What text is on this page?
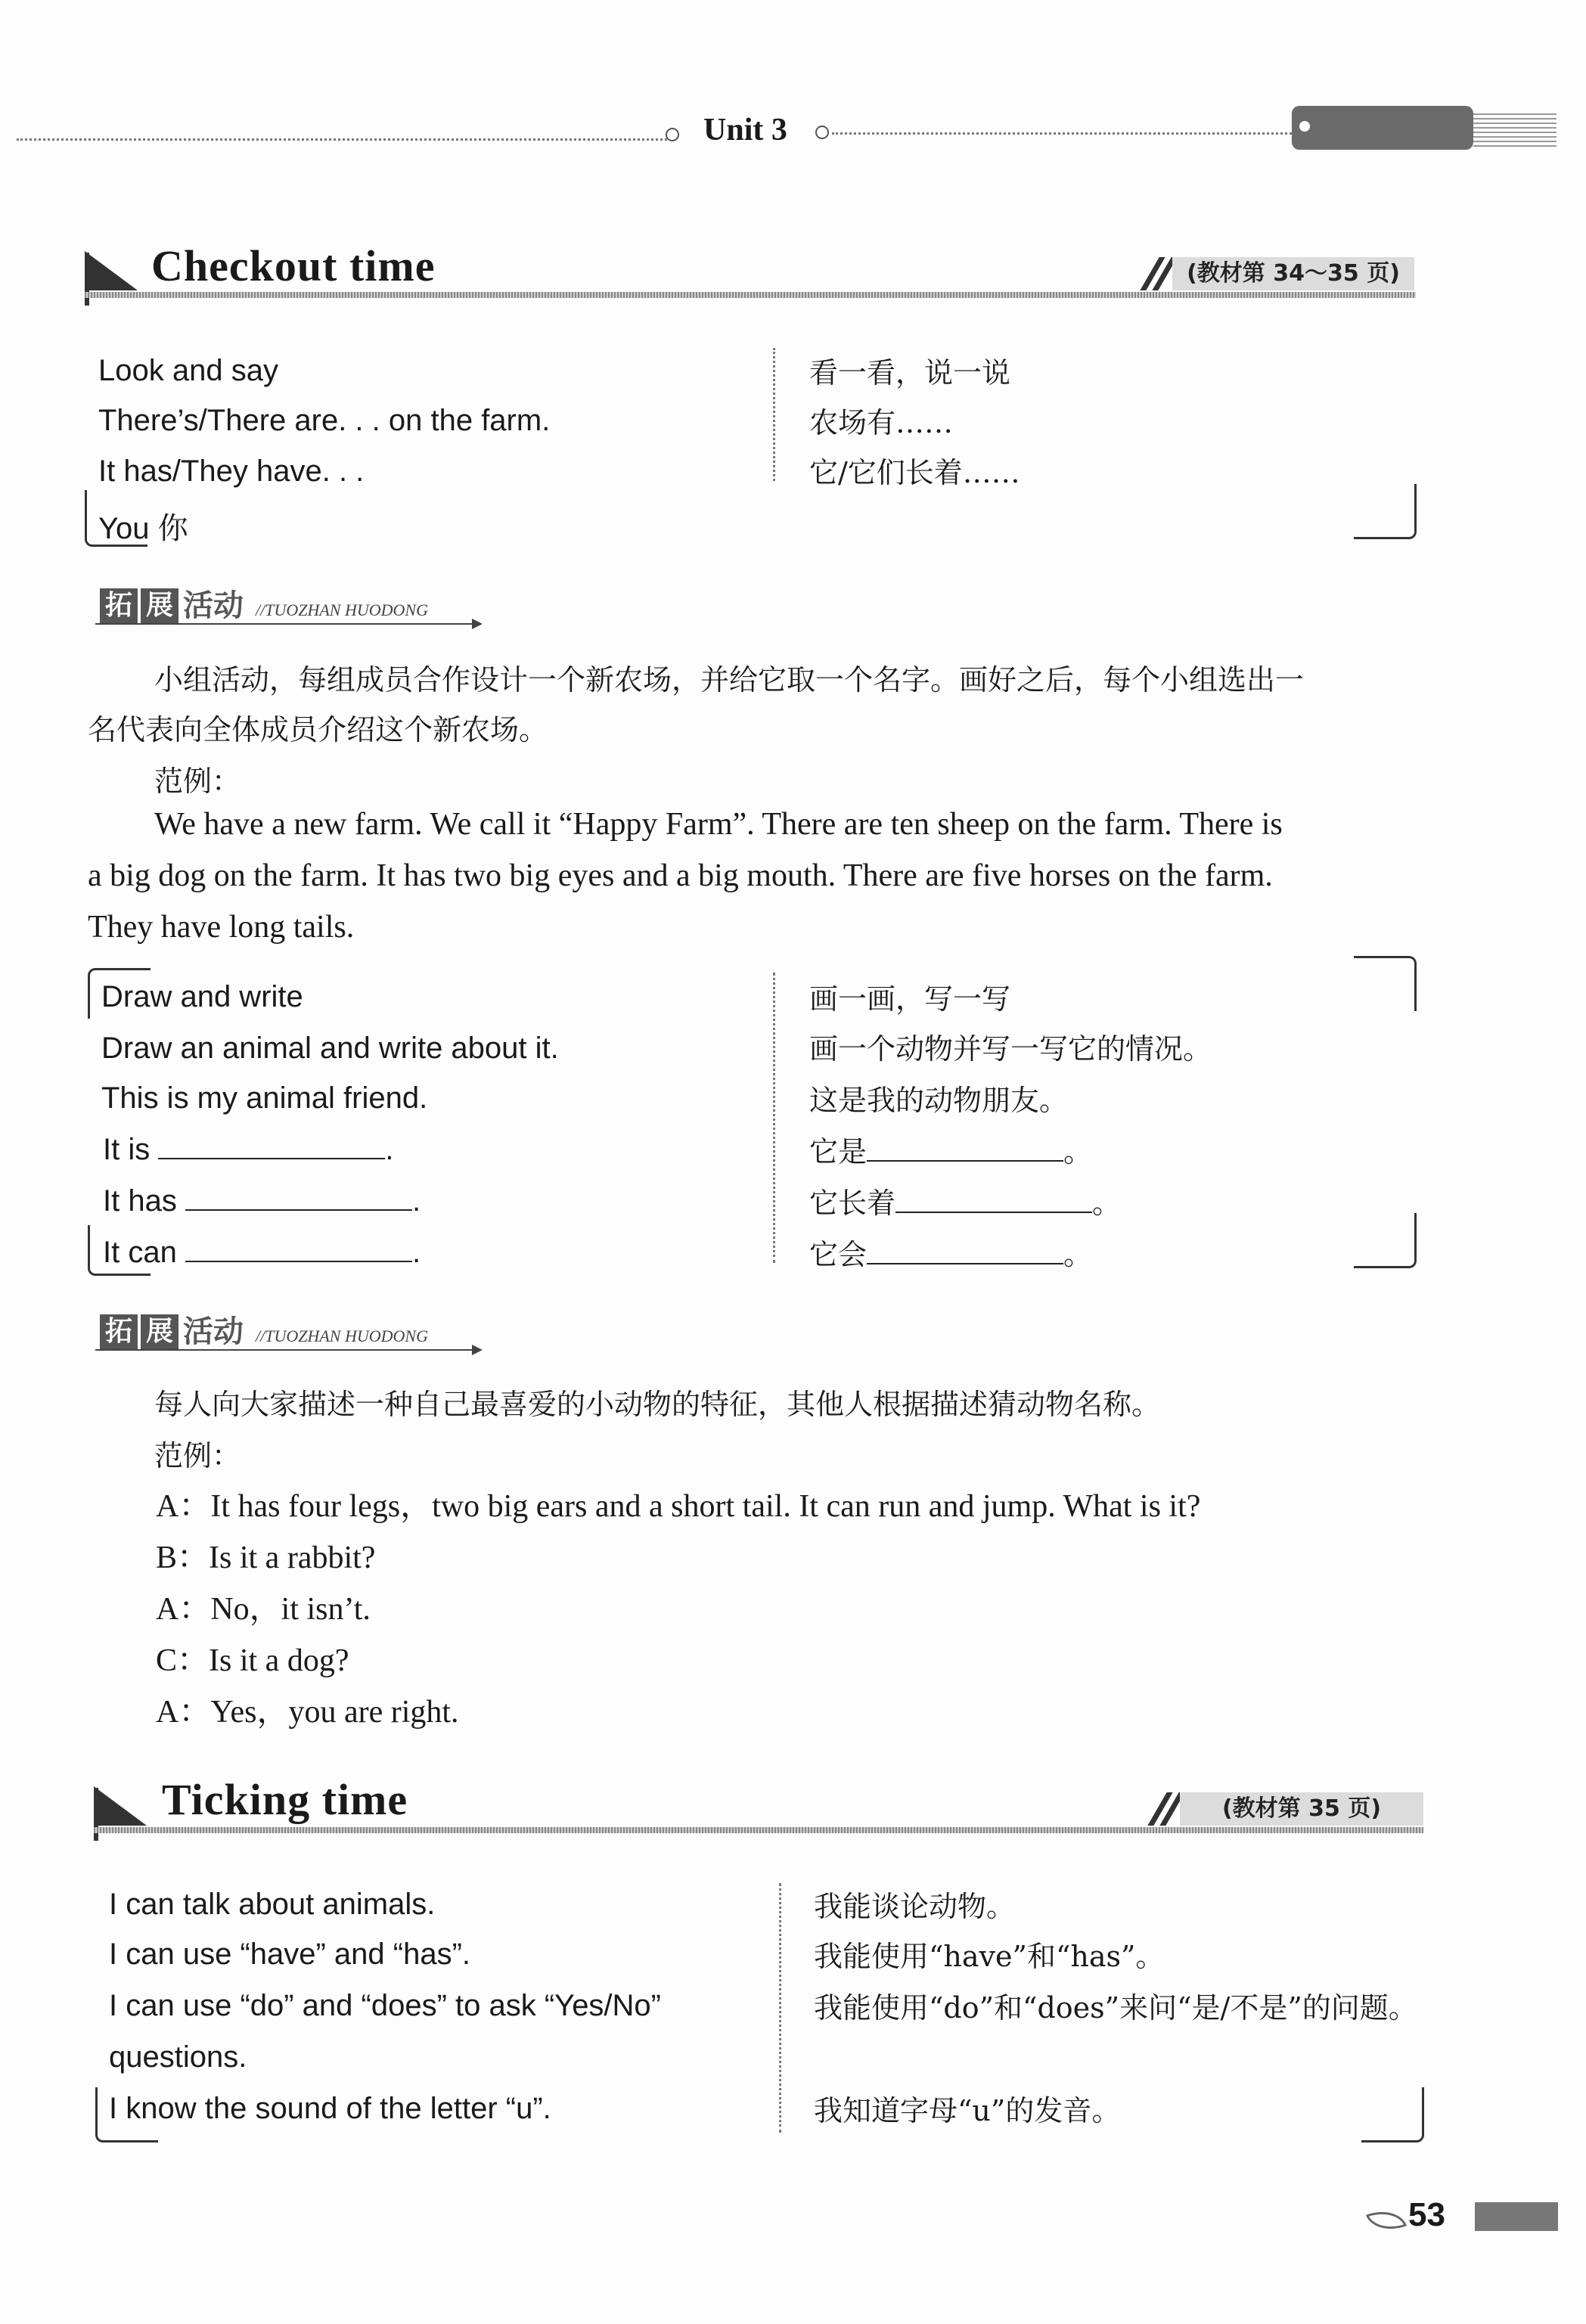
Unit 3
Checkout time	(教材第 34～35 页)
Look and say
There’s/There are. . . on the farm.
It has/They have. . .
You 你
看一看，说一说
农场有……
它/它们长着……
拓 展 活动 //TUOZHAN HUODONG
小组活动，每组成员合作设计一个新农场，并给它取一个名字。画好之后，每个小组选出一
名代表向全体成员介绍这个新农场。
范例：
We have a new farm. We call it “Happy Farm”. There are ten sheep on the farm. There is
a big dog on the farm. It has two big eyes and a big mouth. There are five horses on the farm.
They have long tails.
Draw and write
Draw an animal and write about it.
This is my animal friend.
It is	.
It has	.
It can	.
画一画，写一写
画一个动物并写一写它的情况。
这是我的动物朋友。
它是	。
它长着	。
它会	。
拓 展 活动 //TUOZHAN HUODONG
每人向大家描述一种自己最喜爱的小动物的特征，其他人根据描述猜动物名称。
范例：
A：It has four legs，two big ears and a short tail. It can run and jump. What is it?
B：Is it a rabbit?
A：No，it isn’t.
C：Is it a dog?
A：Yes，you are right.
Ticking time	(教材第 35 页)
I can talk about animals.
I can use “have” and “has”.
I can use “do” and “does” to ask “Yes/No”
questions.
I know the sound of the letter “u”.
我能谈论动物。
我能使用“have”和“has”。
我能使用“do”和“does”来问“是/不是”的问题。
我知道字母“u”的发音。
53
